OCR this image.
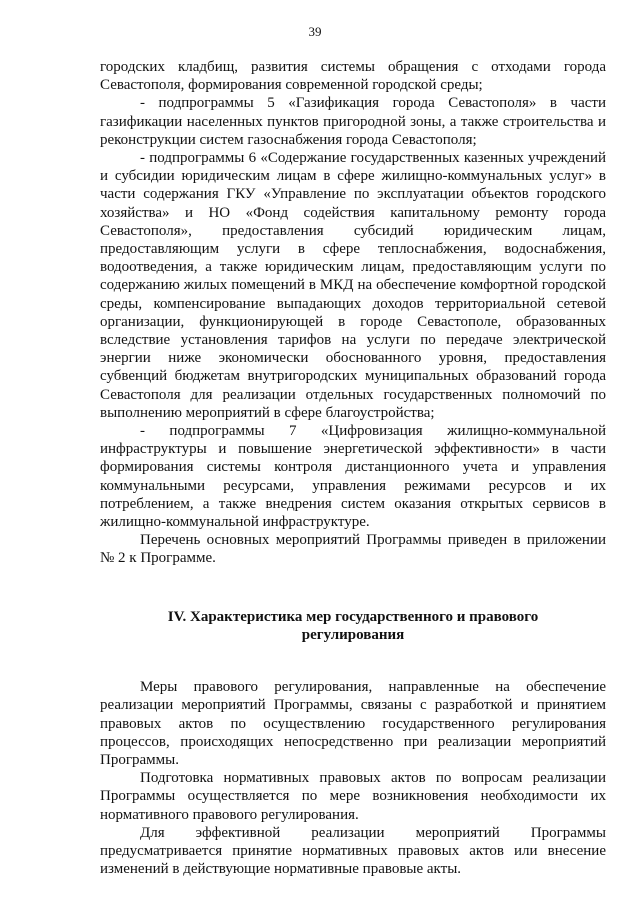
39

городских кладбищ, развития системы обращения с отходами города Севастополя, формирования современной городской среды;

- подпрограммы 5 «Газификация города Севастополя» в части газификации населенных пунктов пригородной зоны, а также строительства и реконструкции систем газоснабжения города Севастополя;

- подпрограммы 6 «Содержание государственных казенных учреждений и субсидии юридическим лицам в сфере жилищно-коммунальных услуг» в части содержания ГКУ «Управление по эксплуатации объектов городского хозяйства» и НО «Фонд содействия капитальному ремонту города Севастополя», предоставления субсидий юридическим лицам, предоставляющим услуги в сфере теплоснабжения, водоснабжения, водоотведения, а также юридическим лицам, предоставляющим услуги по содержанию жилых помещений в МКД на обеспечение комфортной городской среды, компенсирование выпадающих доходов территориальной сетевой организации, функционирующей в городе Севастополе, образованных вследствие установления тарифов на услуги по передаче электрической энергии ниже экономически обоснованного уровня, предоставления субвенций бюджетам внутригородских муниципальных образований города Севастополя для реализации отдельных государственных полномочий по выполнению мероприятий в сфере благоустройства;

- подпрограммы 7 «Цифровизация жилищно-коммунальной инфраструктуры и повышение энергетической эффективности» в части формирования системы контроля дистанционного учета и управления коммунальными ресурсами, управления режимами ресурсов и их потреблением, а также внедрения систем оказания открытых сервисов в жилищно-коммунальной инфраструктуре.

Перечень основных мероприятий Программы приведен в приложении № 2 к Программе.

IV. Характеристика мер государственного и правового регулирования

Меры правового регулирования, направленные на обеспечение реализации мероприятий Программы, связаны с разработкой и принятием правовых актов по осуществлению государственного регулирования процессов, происходящих непосредственно при реализации мероприятий Программы.

Подготовка нормативных правовых актов по вопросам реализации Программы осуществляется по мере возникновения необходимости их нормативного правового регулирования.

Для эффективной реализации мероприятий Программы предусматривается принятие нормативных правовых актов или внесение изменений в действующие нормативные правовые акты.
